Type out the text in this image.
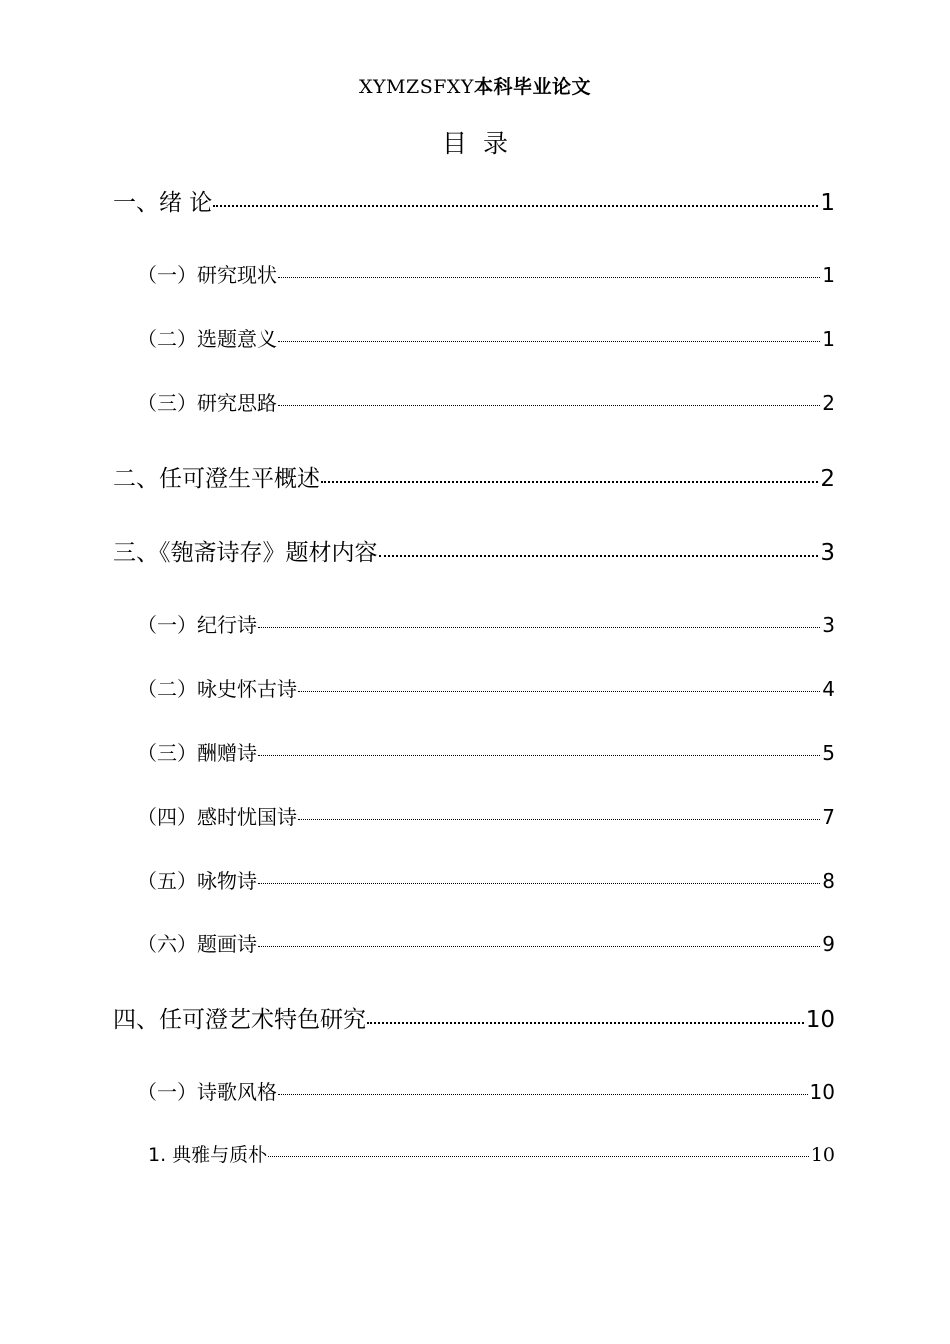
XYMZSFXY本科毕业论文
目录
一、绪 论	1
（一）研究现状	1
（二）选题意义	1
（三）研究思路	2
二、任可澄生平概述	2
三、《匏斋诗存》题材内容	3
（一）纪行诗	3
（二）咏史怀古诗	4
（三）酬赠诗	5
（四）感时忧国诗	7
（五）咏物诗	8
（六）题画诗	9
四、任可澄艺术特色研究	10
（一）诗歌风格	10
1. 典雅与质朴	10
